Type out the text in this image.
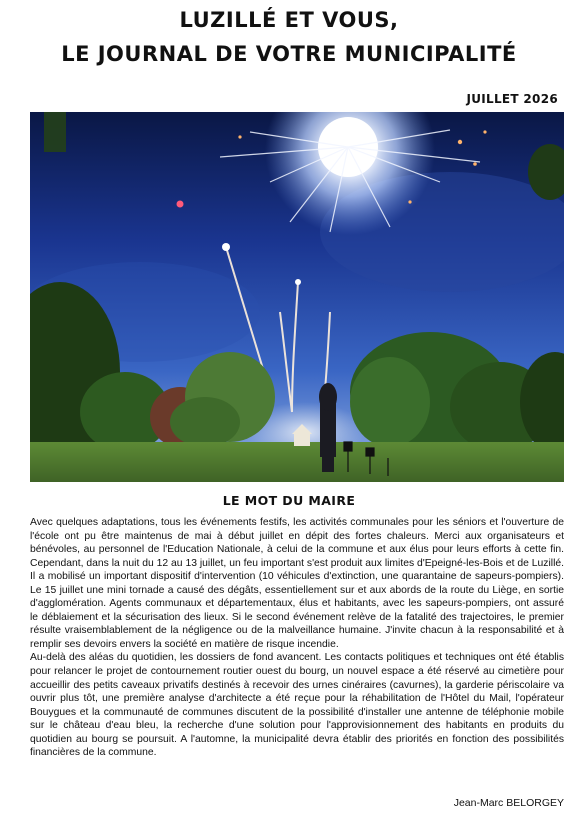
LUZILLÉ ET VOUS,
LE JOURNAL DE VOTRE MUNICIPALITÉ
JUILLET 2026
LE MOT DU MAIRE

Avec quelques adaptations, tous les événements festifs, les activités communales pour les séniors et l'ouverture de l'école ont pu être maintenus de mai à début juillet en dépit des fortes chaleurs. Merci aux organisateurs et bénévoles, au personnel de l'Education Nationale, à celui de la commune et aux élus pour leurs efforts à cette fin. Cependant, dans la nuit du 12 au 13 juillet, un feu important s'est produit aux limites d'Epeigné-les-Bois et de Luzillé. Il a mobilisé un important dispositif d'intervention (10 véhicules d'extinction, une quarantaine de sapeurs-pompiers). Le 15 juillet une mini tornade a causé des dégâts, essentiellement sur et aux abords de la route du Liège, en sortie d'agglomération. Agents communaux et départementaux, élus et habitants, avec les sapeurs-pompiers, ont assuré le déblaiement et la sécurisation des lieux. Si le second événement relève de la fatalité des trajectoires, le premier résulte vraisemblablement de la négligence ou de la malveillance humaine. J'invite chacun à la responsabilité et à remplir ses devoirs envers la société en matière de risque incendie.

Au-delà des aléas du quotidien, les dossiers de fond avancent. Les contacts politiques et techniques ont été établis pour relancer le projet de contournement routier ouest du bourg, un nouvel espace a été réservé au cimetière pour accueillir des petits caveaux privatifs destinés à recevoir des urnes cinéraires (cavurnes), la garderie périscolaire va ouvrir plus tôt, une première analyse d'architecte a été reçue pour la réhabilitation de l'Hôtel du Mail, l'opérateur Bouygues et la communauté de communes discutent de la possibilité d'installer une antenne de téléphonie mobile sur le château d'eau bleu, la recherche d'une solution pour l'approvisionnement des habitants en produits du quotidien au bourg se poursuit. A l'automne, la municipalité devra établir des priorités en fonction des possibilités financières de la commune.

Jean-Marc BELORGEY
